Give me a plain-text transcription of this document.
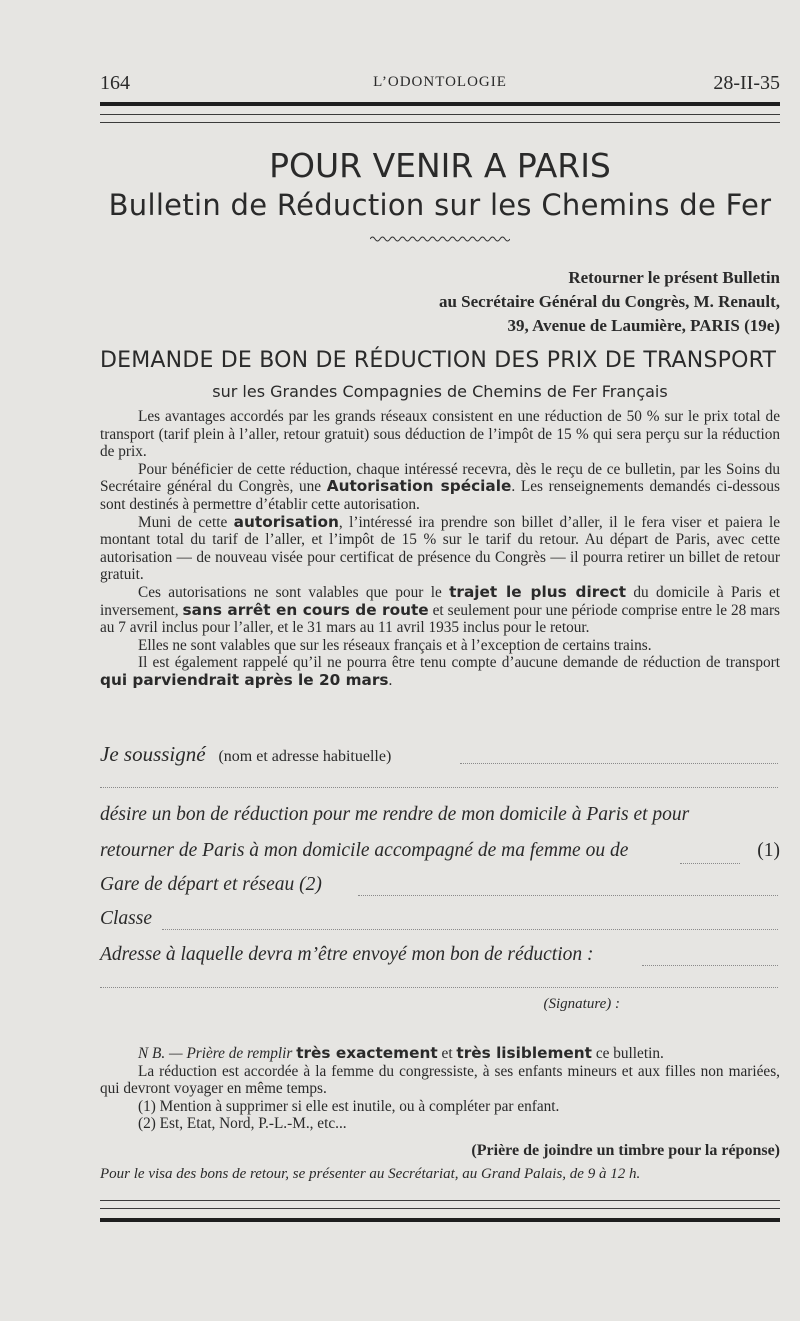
164	L’ODONTOLOGIE	28-II-35
POUR VENIR A PARIS
Bulletin de Réduction sur les Chemins de Fer
Retourner le présent Bulletin
au Secrétaire Général du Congrès, M. Renault,
39, Avenue de Laumière, PARIS (19e)
DEMANDE DE BON DE RÉDUCTION DES PRIX DE TRANSPORT
sur les Grandes Compagnies de Chemins de Fer Français

Les avantages accordés par les grands réseaux consistent en une réduction de 50 % sur le prix total de transport (tarif plein à l’aller, retour gratuit) sous déduction de l’impôt de 15 % qui sera perçu sur la réduction de prix.

Pour bénéficier de cette réduction, chaque intéressé recevra, dès le reçu de ce bulletin, par les Soins du Secrétaire général du Congrès, une Autorisation spéciale. Les renseignements demandés ci-dessous sont destinés à permettre d’établir cette autorisation.

Muni de cette autorisation, l’intéressé ira prendre son billet d’aller, il le fera viser et paiera le montant total du tarif de l’aller, et l’impôt de 15 % sur le tarif du retour. Au départ de Paris, avec cette autorisation — de nouveau visée pour certificat de présence du Congrès — il pourra retirer un billet de retour gratuit.

Ces autorisations ne sont valables que pour le trajet le plus direct du domicile à Paris et inversement, sans arrêt en cours de route et seulement pour une période comprise entre le 28 mars au 7 avril inclus pour l’aller, et le 31 mars au 11 avril 1935 inclus pour le retour.

Elles ne sont valables que sur les réseaux français et à l’exception de certains trains.

Il est également rappelé qu’il ne pourra être tenu compte d’aucune demande de réduction de transport qui parviendrait après le 20 mars.

Je soussigné (nom et adresse habituelle)
désire un bon de réduction pour me rendre de mon domicile à Paris et pour
retourner de Paris à mon domicile accompagné de ma femme ou de	(1)
Gare de départ et réseau (2)
Classe
Adresse à laquelle devra m’être envoyé mon bon de réduction :
(Signature) :

N B. — Prière de remplir très exactement et très lisiblement ce bulletin.

La réduction est accordée à la femme du congressiste, à ses enfants mineurs et aux filles non mariées, qui devront voyager en même temps.

(1) Mention à supprimer si elle est inutile, ou à compléter par enfant.

(2) Est, Etat, Nord, P.-L.-M., etc...

(Prière de joindre un timbre pour la réponse)
Pour le visa des bons de retour, se présenter au Secrétariat, au Grand Palais, de 9 à 12 h.
